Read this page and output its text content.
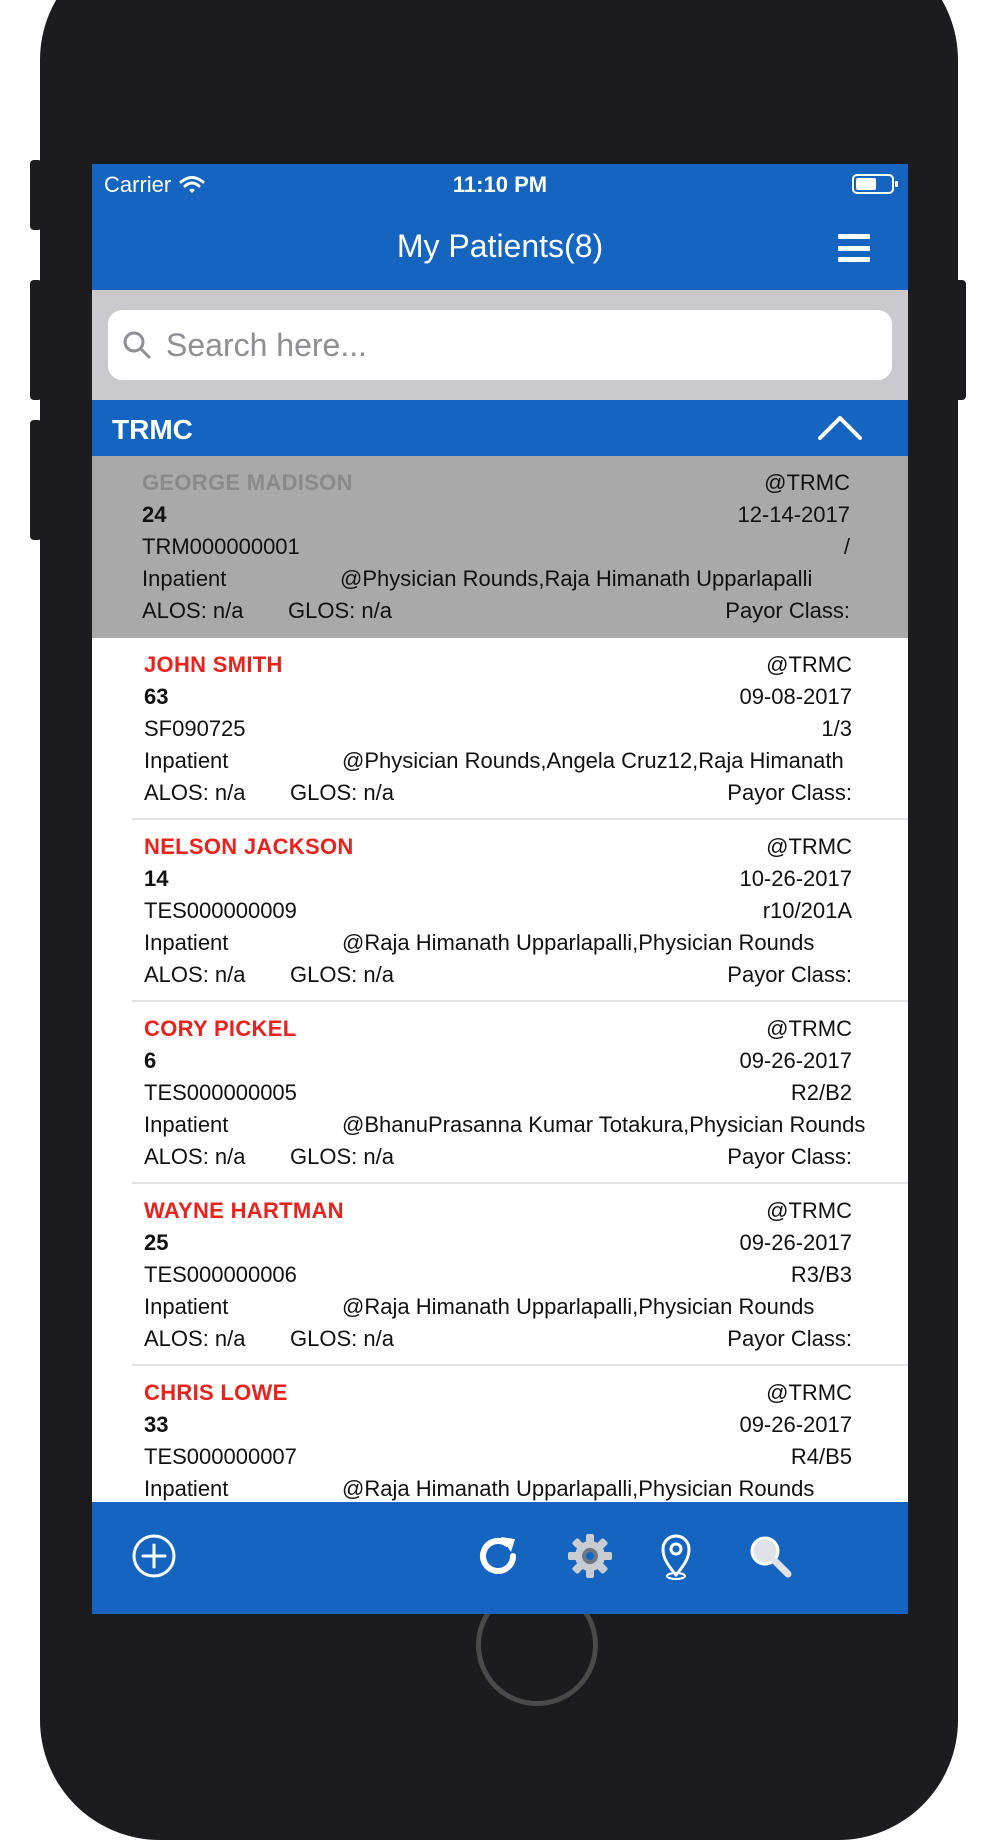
Carrier	11:10 PM
My Patients(8)
Search here...
TRMC
GEORGE MADISON	@TRMC
24	12-14-2017
TRM000000001	/
Inpatient	@Physician Rounds,Raja Himanath Upparlapalli
ALOS: n/a GLOS: n/a	Payor Class:
JOHN SMITH	@TRMC
63	09-08-2017
SF090725	1/3
Inpatient	@Physician Rounds,Angela Cruz12,Raja Himanath
ALOS: n/a GLOS: n/a	Payor Class:
NELSON JACKSON	@TRMC
14	10-26-2017
TES000000009	r10/201A
Inpatient	@Raja Himanath Upparlapalli,Physician Rounds
ALOS: n/a GLOS: n/a	Payor Class:
CORY PICKEL	@TRMC
6	09-26-2017
TES000000005	R2/B2
Inpatient	@BhanuPrasanna Kumar Totakura,Physician Rounds
ALOS: n/a GLOS: n/a	Payor Class:
WAYNE HARTMAN	@TRMC
25	09-26-2017
TES000000006	R3/B3
Inpatient	@Raja Himanath Upparlapalli,Physician Rounds
ALOS: n/a GLOS: n/a	Payor Class:
CHRIS LOWE	@TRMC
33	09-26-2017
TES000000007	R4/B5
Inpatient	@Raja Himanath Upparlapalli,Physician Rounds
